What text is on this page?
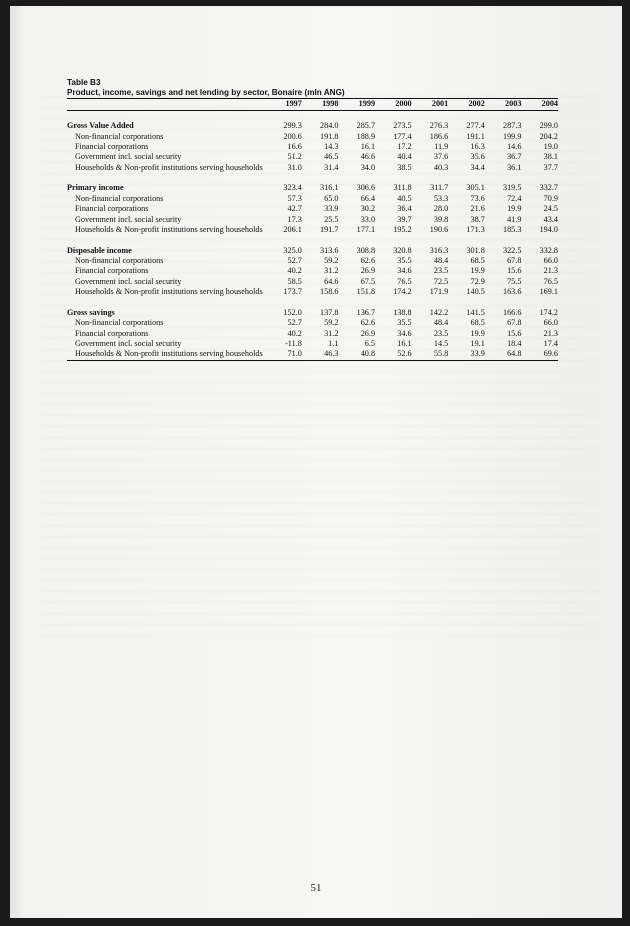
Table B3
Product, income, savings and net lending by sector, Bonaire (mln ANG)
	1997	1998	1999	2000	2001	2002	2003	2004

Gross Value Added	299.3	284.0	285.7	273.5	276.3	277.4	287.3	299.0
Non-financial corporations	200.6	191.8	188.9	177.4	186.6	191.1	199.9	204.2
Financial corporations	16.6	14.3	16.1	17.2	11.9	16.3	14.6	19.0
Government incl. social security	51.2	46.5	46.6	40.4	37.6	35.6	36.7	38.1
Households & Non-profit institutions serving households	31.0	31.4	34.0	38.5	40.3	34.4	36.1	37.7

Primary income	323.4	316.1	306.6	311.8	311.7	305.1	319.5	332.7
Non-financial corporations	57.3	65.0	66.4	40.5	53.3	73.6	72.4	70.9
Financial corporations	42.7	33.9	30.2	36.4	28.0	21.6	19.9	24.5
Government incl. social security	17.3	25.5	33.0	39.7	39.8	38.7	41.9	43.4
Households & Non-profit institutions serving households	206.1	191.7	177.1	195.2	190.6	171.3	185.3	194.0

Disposable income	325.0	313.6	308.8	320.8	316.3	301.8	322.5	332.8
Non-financial corporations	52.7	59.2	62.6	35.5	48.4	68.5	67.8	66.0
Financial corporations	40.2	31.2	26.9	34.6	23.5	19.9	15.6	21.3
Government incl. social security	58.5	64.6	67.5	76.5	72.5	72.9	75.5	76.5
Households & Non-profit institutions serving households	173.7	158.6	151.8	174.2	171.9	140.5	163.6	169.1

Gross savings	152.0	137.8	136.7	138.8	142.2	141.5	166.6	174.2
Non-financial corporations	52.7	59.2	62.6	35.5	48.4	68.5	67.8	66.0
Financial corporations	40.2	31.2	26.9	34.6	23.5	19.9	15.6	21.3
Government incl. social security	-11.8	1.1	6.5	16.1	14.5	19.1	18.4	17.4
Households & Non-profit institutions serving households	71.0	46.3	40.8	52.6	55.8	33.9	64.8	69.6
51
